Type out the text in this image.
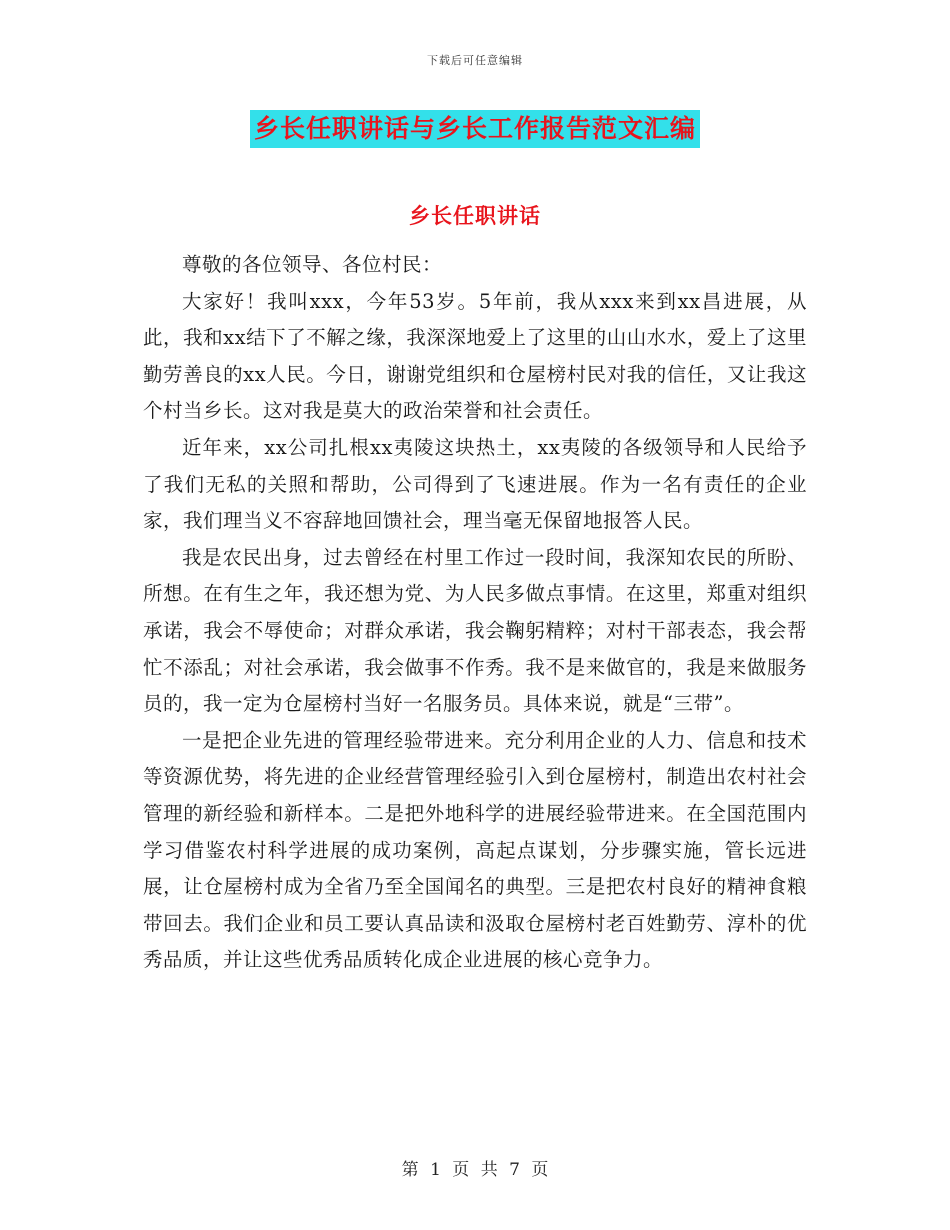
下载后可任意编辑
乡长任职讲话与乡长工作报告范文汇编
乡长任职讲话

尊敬的各位领导、各位村民：

大家好！我叫xxx，今年53岁。5年前，我从xxx来到xx昌进展，从此，我和xx结下了不解之缘，我深深地爱上了这里的山山水水，爱上了这里勤劳善良的xx人民。今日，谢谢党组织和仓屋榜村民对我的信任，又让我这个村当乡长。这对我是莫大的政治荣誉和社会责任。

近年来，xx公司扎根xx夷陵这块热土，xx夷陵的各级领导和人民给予了我们无私的关照和帮助，公司得到了飞速进展。作为一名有责任的企业家，我们理当义不容辞地回馈社会，理当毫无保留地报答人民。

我是农民出身，过去曾经在村里工作过一段时间，我深知农民的所盼、所想。在有生之年，我还想为党、为人民多做点事情。在这里，郑重对组织承诺，我会不辱使命；对群众承诺，我会鞠躬精粹；对村干部表态，我会帮忙不添乱；对社会承诺，我会做事不作秀。我不是来做官的，我是来做服务员的，我一定为仓屋榜村当好一名服务员。具体来说，就是“三带”。

一是把企业先进的管理经验带进来。充分利用企业的人力、信息和技术等资源优势，将先进的企业经营管理经验引入到仓屋榜村，制造出农村社会管理的新经验和新样本。二是把外地科学的进展经验带进来。在全国范围内学习借鉴农村科学进展的成功案例，高起点谋划，分步骤实施，管长远进展，让仓屋榜村成为全省乃至全国闻名的典型。三是把农村良好的精神食粮带回去。我们企业和员工要认真品读和汲取仓屋榜村老百姓勤劳、淳朴的优秀品质，并让这些优秀品质转化成企业进展的核心竞争力。

第 1 页 共 7 页
